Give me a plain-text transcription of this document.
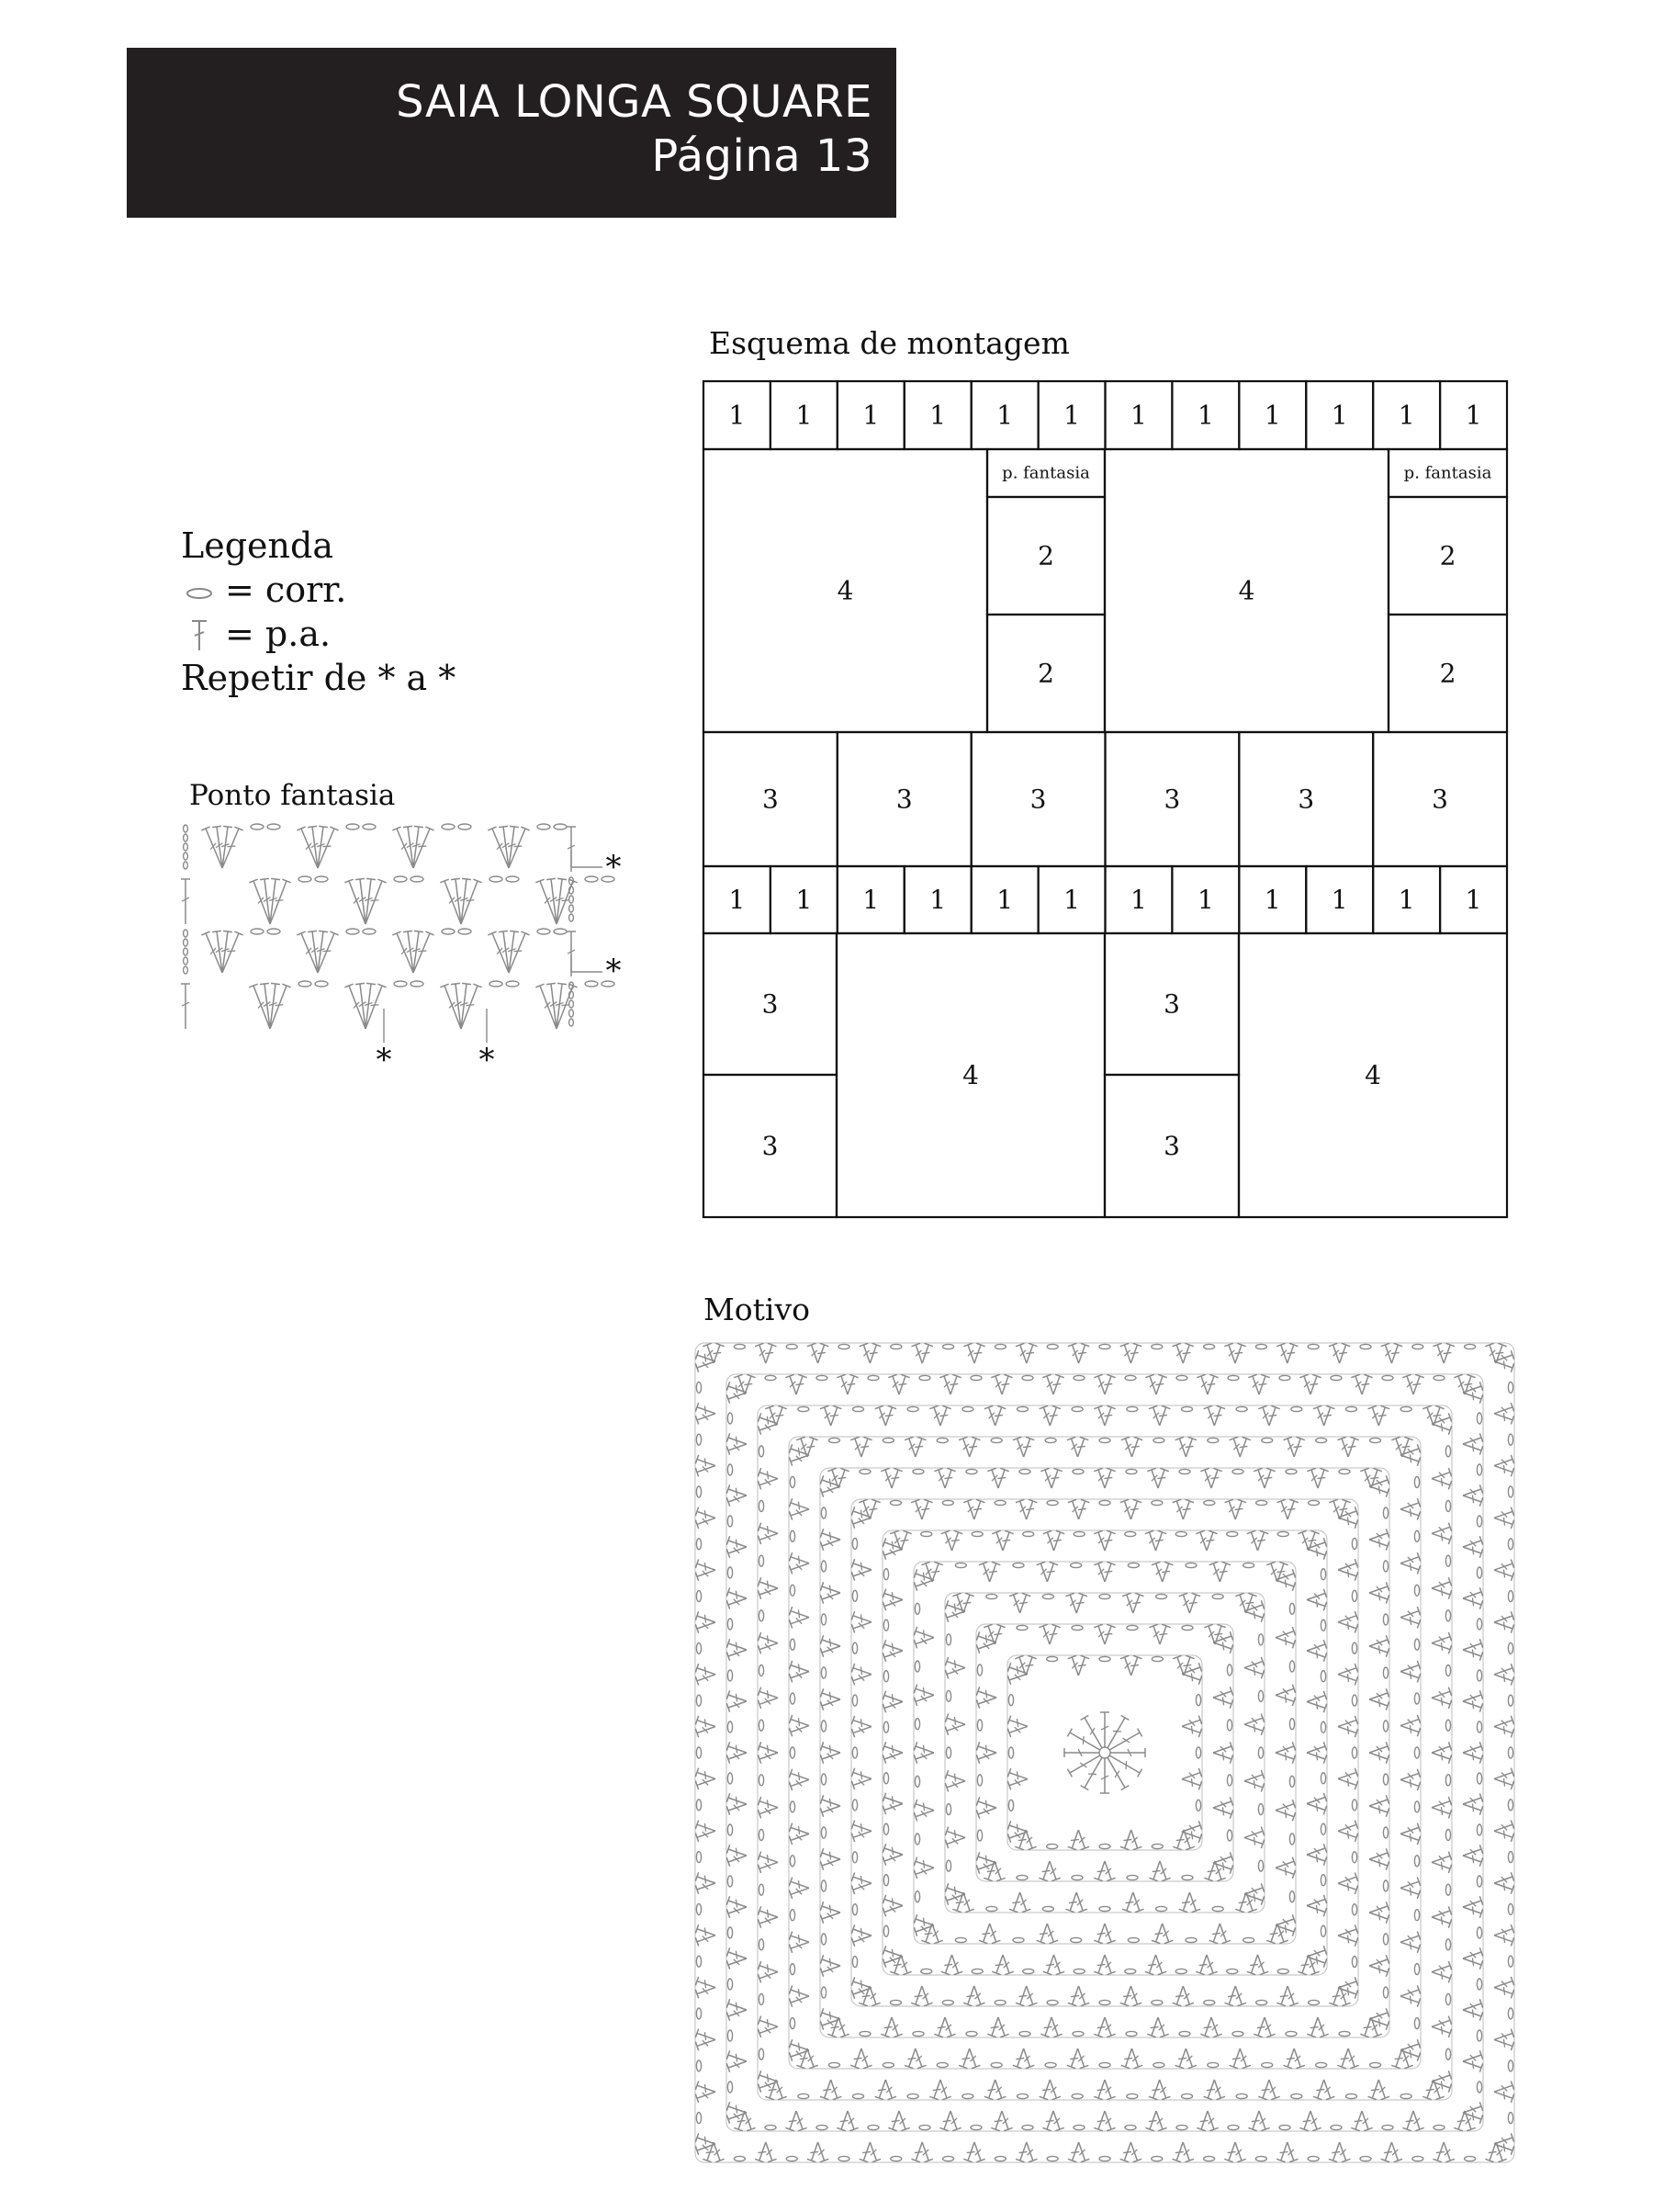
SAIA LONGA SQUARE
Página 13
Legenda
= corr.
= p.a.
Repetir de * a *
Ponto fantasia
Esquema de montagem
Motivo
1 1 1 1 1 1 1 1 1 1 1 1
4
p. fantasia
2
2
4
p. fantasia
2
2
3	3	3	3	3	3
1 1 1 1 1 1 1 1 1 1 1 1
3
3
4
3
3
4
*
*
*	*
